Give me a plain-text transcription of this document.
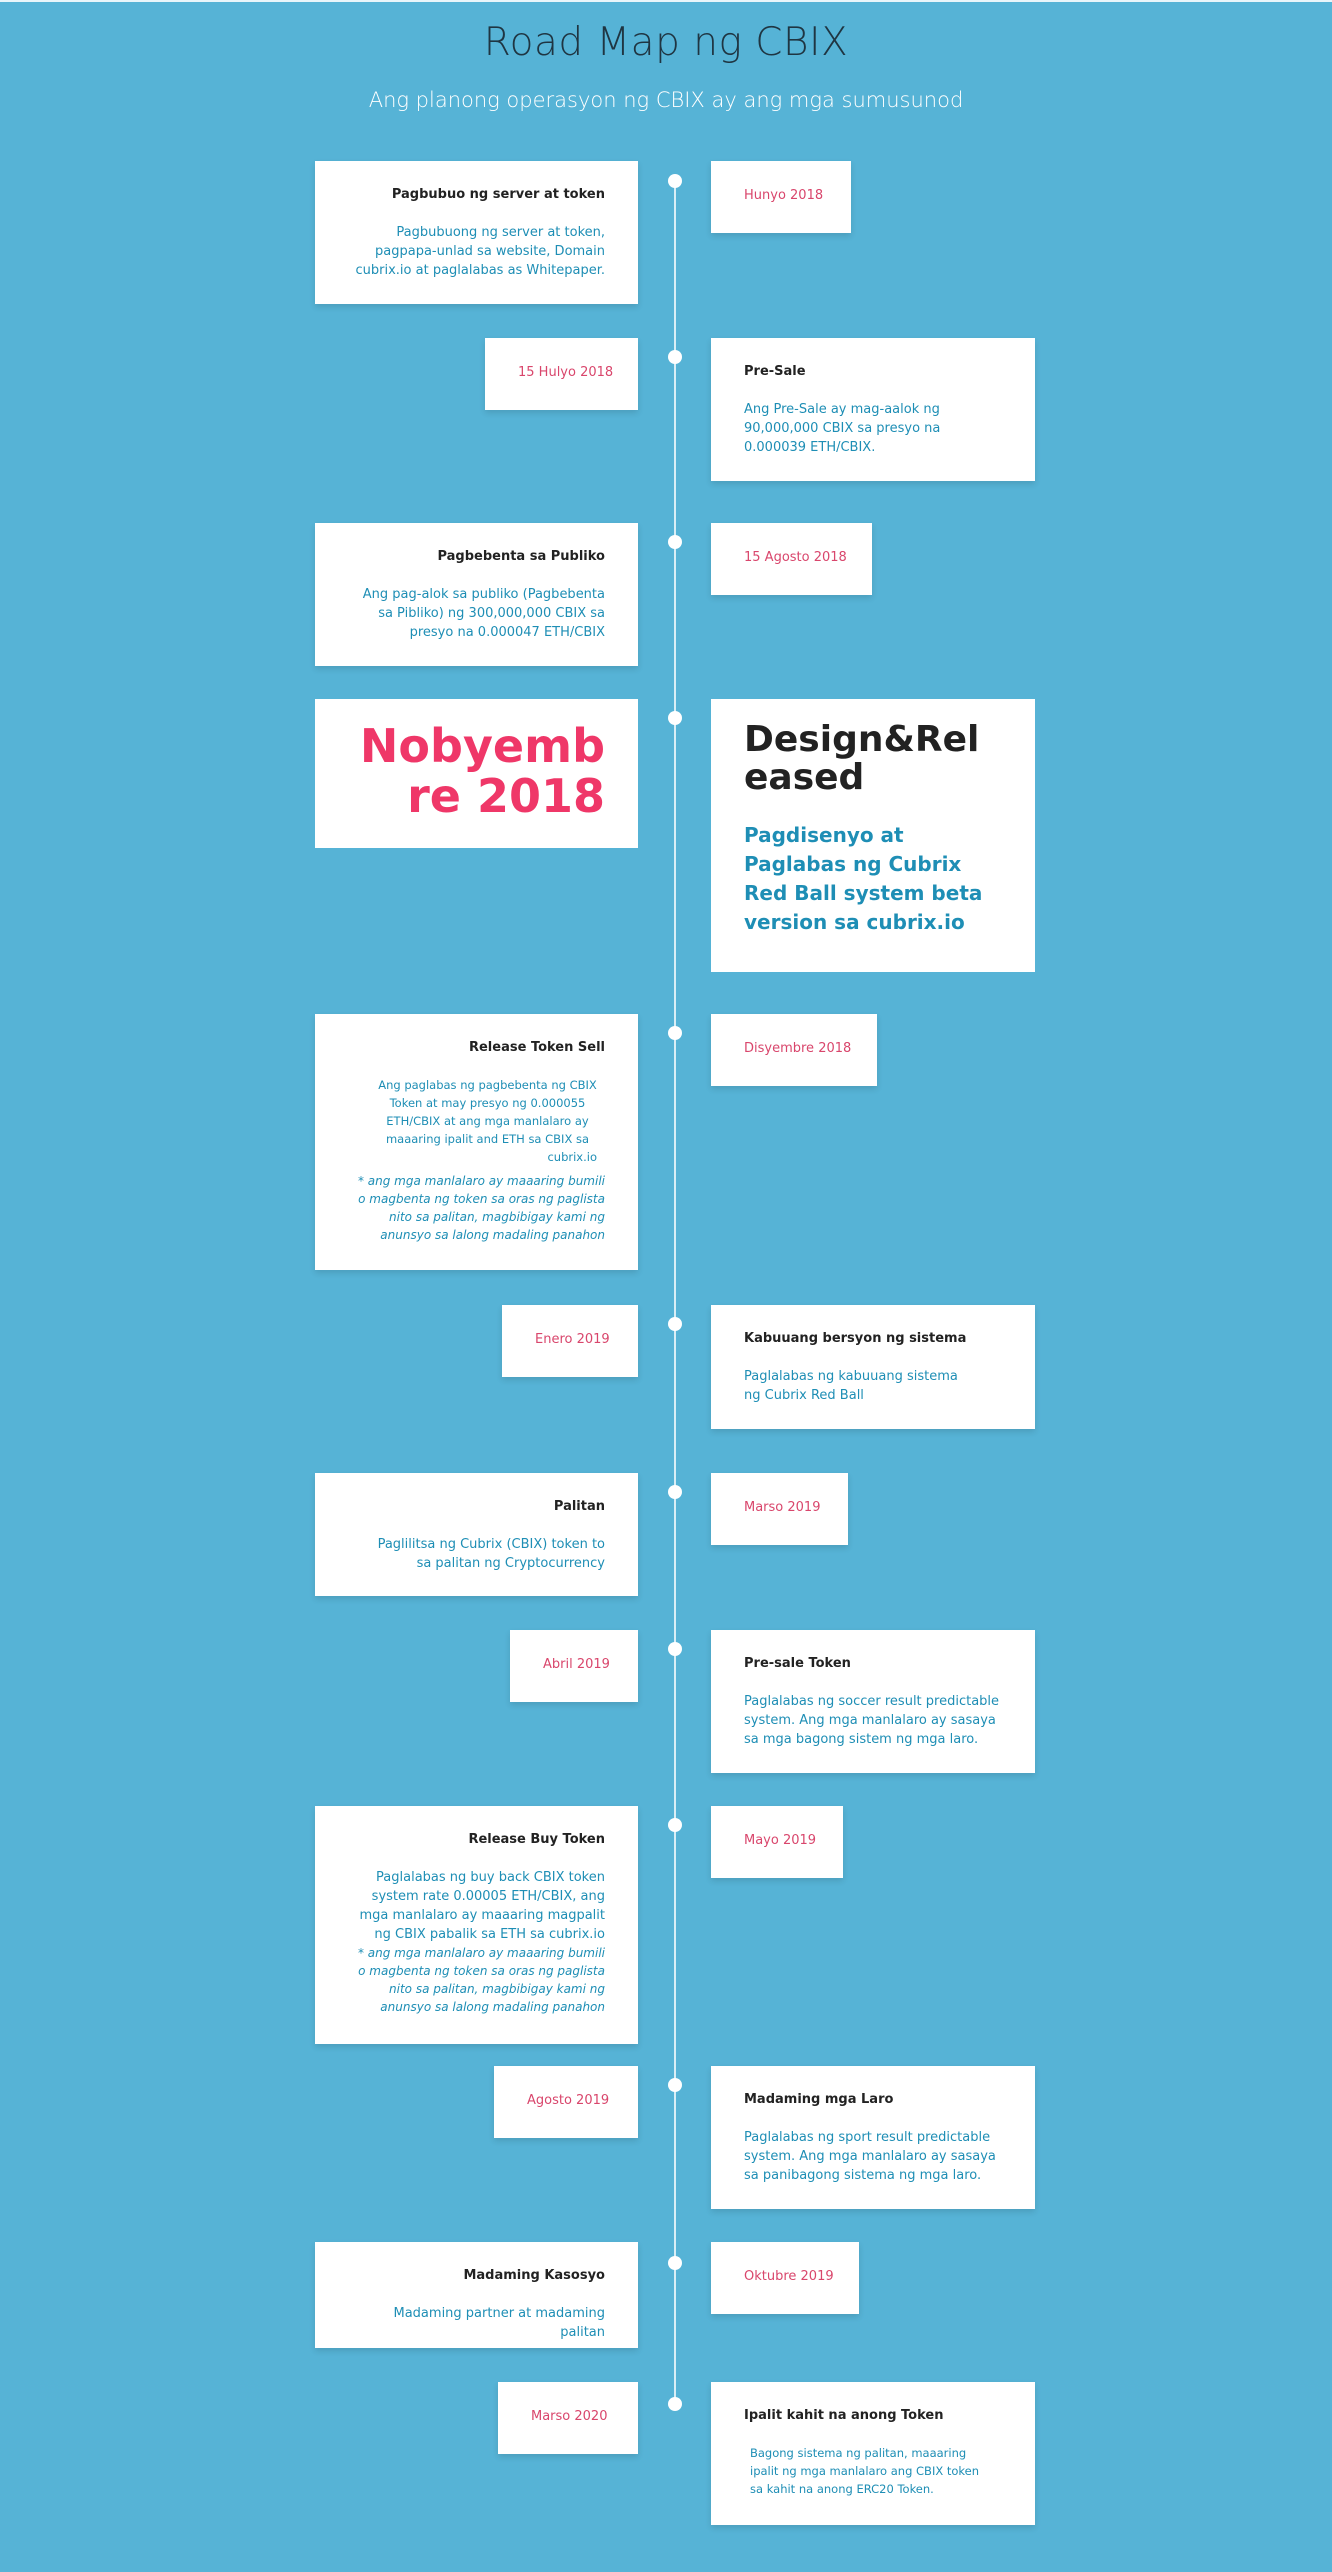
Road Map ng CBIX
Ang planong operasyon ng CBIX ay ang mga sumusunod
Pagbubuo ng server at token
Pagbubuong ng server at token, pagpapa-unlad sa website, Domain cubrix.io at paglalabas as Whitepaper.
Hunyo 2018
15 Hulyo 2018	Pre-Sale
Ang Pre-Sale ay mag-aalok ng 90,000,000 CBIX sa presyo na 0.000039 ETH/CBIX.
Pagbebenta sa Publiko
Ang pag-alok sa publiko (Pagbebenta sa Pibliko) ng 300,000,000 CBIX sa presyo na 0.000047 ETH/CBIX
15 Agosto 2018
Nobyembre 2018
Design&Released
Pagdisenyo at Paglabas ng Cubrix Red Ball system beta version sa cubrix.io
Release Token Sell
Ang paglabas ng pagbebenta ng CBIX Token at may presyo ng 0.000055 ETH/CBIX at ang mga manlalaro ay maaaring ipalit and ETH sa CBIX sa cubrix.io
* ang mga manlalaro ay maaaring bumili o magbenta ng token sa oras ng paglista nito sa palitan, magbibigay kami ng anunsyo sa lalong madaling panahon
Disyembre 2018
Enero 2019	Kabuuang bersyon ng sistema
Paglalabas ng kabuuang sistema ng Cubrix Red Ball
Palitan
Paglilitsa ng Cubrix (CBIX) token to sa palitan ng Cryptocurrency
Marso 2019
Abril 2019	Pre-sale Token
Paglalabas ng soccer result predictable system. Ang mga manlalaro ay sasaya sa mga bagong sistem ng mga laro.
Release Buy Token
Paglalabas ng buy back CBIX token system rate 0.00005 ETH/CBIX, ang mga manlalaro ay maaaring magpalit ng CBIX pabalik sa ETH sa cubrix.io
* ang mga manlalaro ay maaaring bumili o magbenta ng token sa oras ng paglista nito sa palitan, magbibigay kami ng anunsyo sa lalong madaling panahon
Mayo 2019
Agosto 2019	Madaming mga Laro
Paglalabas ng sport result predictable system. Ang mga manlalaro ay sasaya sa panibagong sistema ng mga laro.
Madaming Kasosyo
Madaming partner at madaming palitan
Oktubre 2019
Marso 2020	Ipalit kahit na anong Token
Bagong sistema ng palitan, maaaring ipalit ng mga manlalaro ang CBIX token sa kahit na anong ERC20 Token.
